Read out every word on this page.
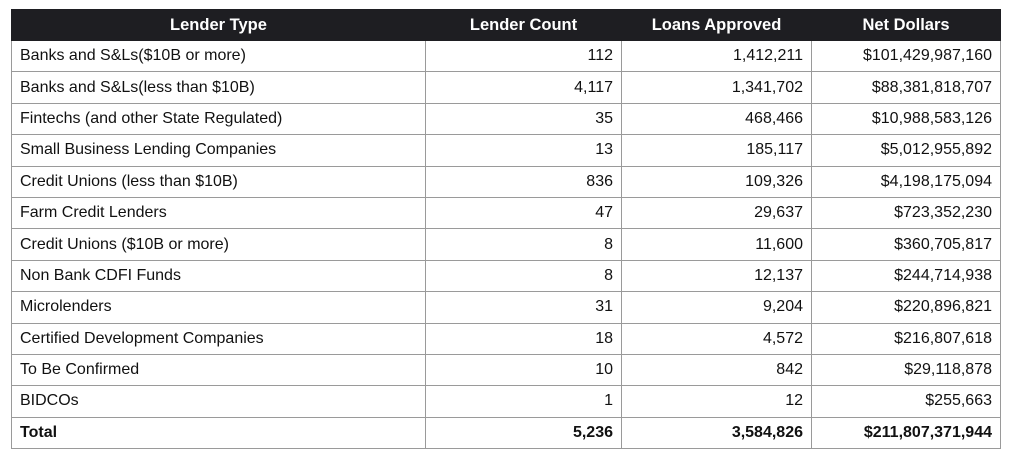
Lender Type	Lender Count	Loans Approved	Net Dollars
Banks and S&Ls($10B or more)	112	1,412,211	$101,429,987,160
Banks and S&Ls(less than $10B)	4,117	1,341,702	$88,381,818,707
Fintechs (and other State Regulated)	35	468,466	$10,988,583,126
Small Business Lending Companies	13	185,117	$5,012,955,892
Credit Unions (less than $10B)	836	109,326	$4,198,175,094
Farm Credit Lenders	47	29,637	$723,352,230
Credit Unions ($10B or more)	8	11,600	$360,705,817
Non Bank CDFI Funds	8	12,137	$244,714,938
Microlenders	31	9,204	$220,896,821
Certified Development Companies	18	4,572	$216,807,618
To Be Confirmed	10	842	$29,118,878
BIDCOs	1	12	$255,663
Total	5,236	3,584,826	$211,807,371,944
